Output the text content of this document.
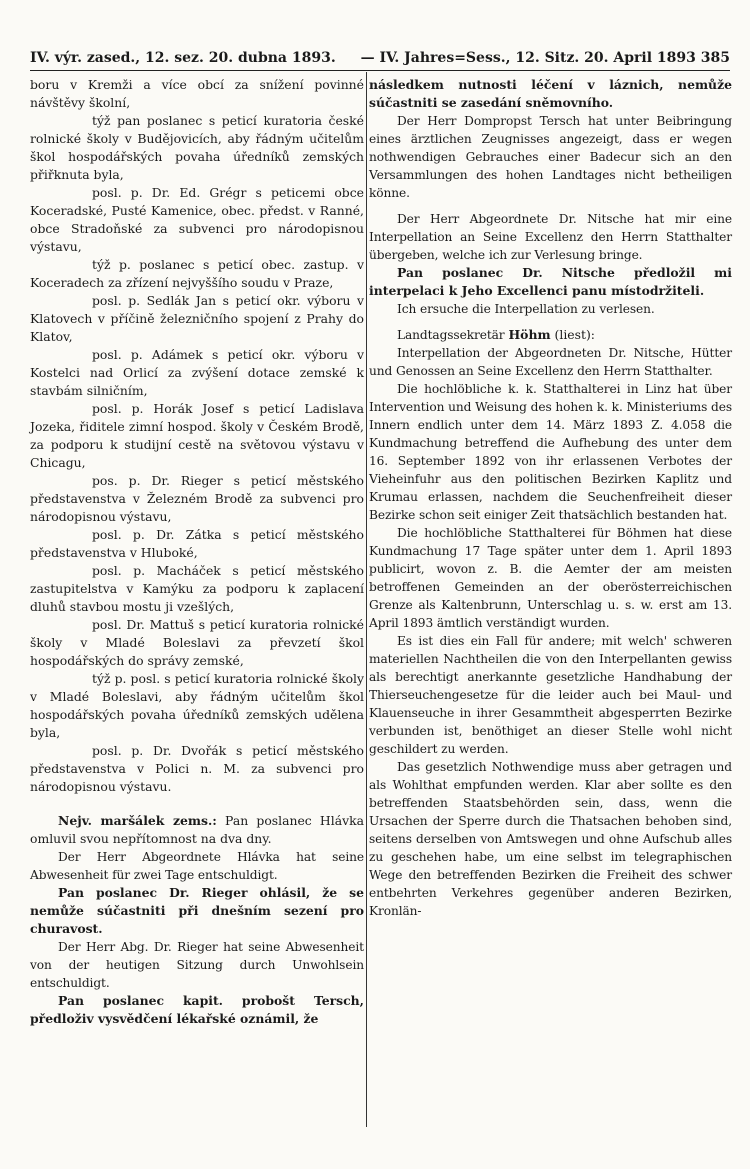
IV. výr. zased., 12. sez. 20. dubna 1893. — IV. Jahres=Sess., 12. Sitz. 20. April 1893 385

boru v Kremži a více obcí za snížení povinné návštěvy školní,

týž pan poslanec s peticí kuratoria české rolnické školy v Budějovicích, aby řádným učitelům škol hospodářských povaha úředníků zemských přiřknuta byla,

posl. p. Dr. Ed. Grégr s peticemi obce Koceradské, Pusté Kamenice, obec. předst. v Ranné, obce Stradoňské za subvenci pro národopisnou výstavu,

týž p. poslanec s peticí obec. zastup. v Koceradech za zřízení nejvyššího soudu v Praze,

posl. p. Sedlák Jan s peticí okr. výboru v Klatovech v příčině železničního spojení z Prahy do Klatov,

posl. p. Adámek s peticí okr. výboru v Kostelci nad Orlicí za zvýšení dotace zemské k stavbám silničním,

posl. p. Horák Josef s peticí Ladislava Jozeka, řiditele zimní hospod. školy v Českém Brodě, za podporu k studijní cestě na světovou výstavu v Chicagu,

pos. p. Dr. Rieger s peticí městského představenstva v Železném Brodě za subvenci pro národopisnou výstavu,

posl. p. Dr. Zátka s peticí městského představenstva v Hluboké,

posl. p. Macháček s peticí městského zastupitelstva v Kamýku za podporu k zaplacení dluhů stavbou mostu ji vzešlých,

posl. Dr. Mattuš s peticí kuratoria rolnické školy v Mladé Boleslavi za převzetí škol hospodářských do správy zemské,

týž p. posl. s peticí kuratoria rolnické školy v Mladé Boleslavi, aby řádným učitelům škol hospodářských povaha úředníků zemských udělena byla,

posl. p. Dr. Dvořák s peticí městského představenstva v Polici n. M. za subvenci pro národopisnou výstavu.

Nejv. maršálek zems.: Pan poslanec Hlávka omluvil svou nepřítomnost na dva dny.

Der Herr Abgeordnete Hlávka hat seine Abwesenheit für zwei Tage entschuldigt.

Pan poslanec Dr. Rieger ohlásil, že se nemůže súčastniti při dnešním sezení pro churavost.

Der Herr Abg. Dr. Rieger hat seine Abwesenheit von der heutigen Sitzung durch Unwohlsein entschuldigt.

Pan poslanec kapit. probošt Tersch, předloživ vysvědčení lékařské oznámil, že

následkem nutnosti léčení v láznich, nemůže súčastniti se zasedání sněmovního.

Der Herr Dompropst Tersch hat unter Beibringung eines ärztlichen Zeugnisses angezeigt, dass er wegen nothwendigen Gebrauches einer Badecur sich an den Versammlungen des hohen Landtages nicht betheiligen könne.

Der Herr Abgeordnete Dr. Nitsche hat mir eine Interpellation an Seine Excellenz den Herrn Statthalter übergeben, welche ich zur Verlesung bringe.

Pan poslanec Dr. Nitsche předložil mi interpelaci k Jeho Excellenci panu místodržiteli.

Ich ersuche die Interpellation zu verlesen.

Landtagssekretär Höhm (liest):

Interpellation der Abgeordneten Dr. Nitsche, Hütter und Genossen an Seine Excellenz den Herrn Statthalter.

Die hochlöbliche k. k. Statthalterei in Linz hat über Intervention und Weisung des hohen k. k. Ministeriums des Innern endlich unter dem 14. März 1893 Z. 4.058 die Kundmachung betreffend die Aufhebung des unter dem 16. September 1892 von ihr erlassenen Verbotes der Vieheinfuhr aus den politischen Bezirken Kaplitz und Krumau erlassen, nachdem die Seuchenfreiheit dieser Bezirke schon seit einiger Zeit thatsächlich bestanden hat.

Die hochlöbliche Statthalterei für Böhmen hat diese Kundmachung 17 Tage später unter dem 1. April 1893 publicirt, wovon z. B. die Aemter der am meisten betroffenen Gemeinden an der oberösterreichischen Grenze als Kaltenbrunn, Unterschlag u. s. w. erst am 13. April 1893 ämtlich verständigt wurden.

Es ist dies ein Fall für andere; mit welch' schweren materiellen Nachtheilen die von den Interpellanten gewiss als berechtigt anerkannte gesetzliche Handhabung der Thierseuchengesetze für die leider auch bei Maul- und Klauenseuche in ihrer Gesammtheit abgesperrten Bezirke verbunden ist, benöthiget an dieser Stelle wohl nicht geschildert zu werden.

Das gesetzlich Nothwendige muss aber getragen und als Wohlthat empfunden werden. Klar aber sollte es den betreffenden Staatsbehörden sein, dass, wenn die Ursachen der Sperre durch die Thatsachen behoben sind, seitens derselben von Amtswegen und ohne Aufschub alles zu geschehen habe, um eine selbst im telegraphischen Wege den betreffenden Bezirken die Freiheit des schwer entbehrten Verkehres gegenüber anderen Bezirken, Kronlän-
